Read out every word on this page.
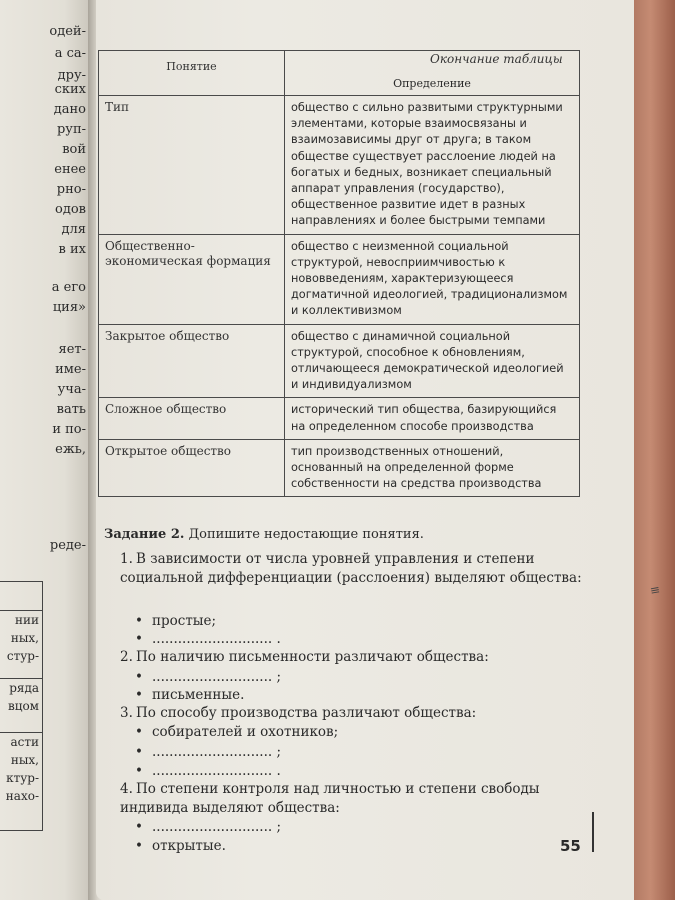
одей-
а са-
дру-
ских
дано
руп-
вой
енее
рно-
одов
для
в их
а его
ция»
яет-
име-
уча-
вать
и по-
ежь,
реде-
нии
ных,
стур-
ряда
вцом
асти
ных,
ктур-
нахо-
Окончание таблицы
Понятие	Определение
Тип	общество с сильно развитыми структурными элементами, которые взаимосвязаны и взаимозависимы друг от друга; в таком обществе существует расслоение людей на богатых и бедных, возникает специальный аппарат управления (государство), общественное развитие идет в разных направлениях и более быстрыми темпами
Общественно-экономическая формация	общество с неизменной социальной структурой, невосприимчивостью к нововведениям, характеризующееся догматичной идеологией, традиционализмом и коллективизмом
Закрытое общество	общество с динамичной социальной структурой, способное к обновлениям, отличающееся демократической идеологией и индивидуализмом
Сложное общество	исторический тип общества, базирующийся на определенном способе производства
Открытое общество	тип производственных отношений, основанный на определенной форме собственности на средства производства
Задание 2. Допишите недостающие понятия.
1. В зависимости от числа уровней управления и степени социальной дифференциации (расслоения) выделяют общества:
• простые;
• ............................ .
2. По наличию письменности различают общества:
• ............................ ;
• письменные.
3. По способу производства различают общества:
• собирателей и охотников;
• ............................ ;
• ............................ .
4. По степени контроля над личностью и степени свободы индивида выделяют общества:
• ............................ ;
• открытые.	55
≡
